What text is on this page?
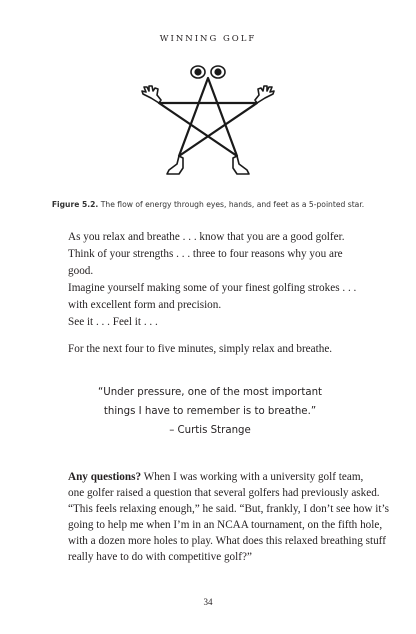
WINNING GOLF
Figure 5.2. The flow of energy through eyes, hands, and feet as a 5-pointed star.
As you relax and breathe . . . know that you are a good golfer.
Think of your strengths . . . three to four reasons why you are
good.
Imagine yourself making some of your finest golfing strokes . . .
with excellent form and precision.
See it . . . Feel it . . .
For the next four to five minutes, simply relax and breathe.
“Under pressure, one of the most important
things I have to remember is to breathe.”
– Curtis Strange
Any questions? When I was working with a university golf team,
one golfer raised a question that several golfers had previously asked.
“This feels relaxing enough,” he said. “But, frankly, I don’t see how it’s
going to help me when I’m in an NCAA tournament, on the fifth hole,
with a dozen more holes to play. What does this relaxed breathing stuff
really have to do with competitive golf?”
34
